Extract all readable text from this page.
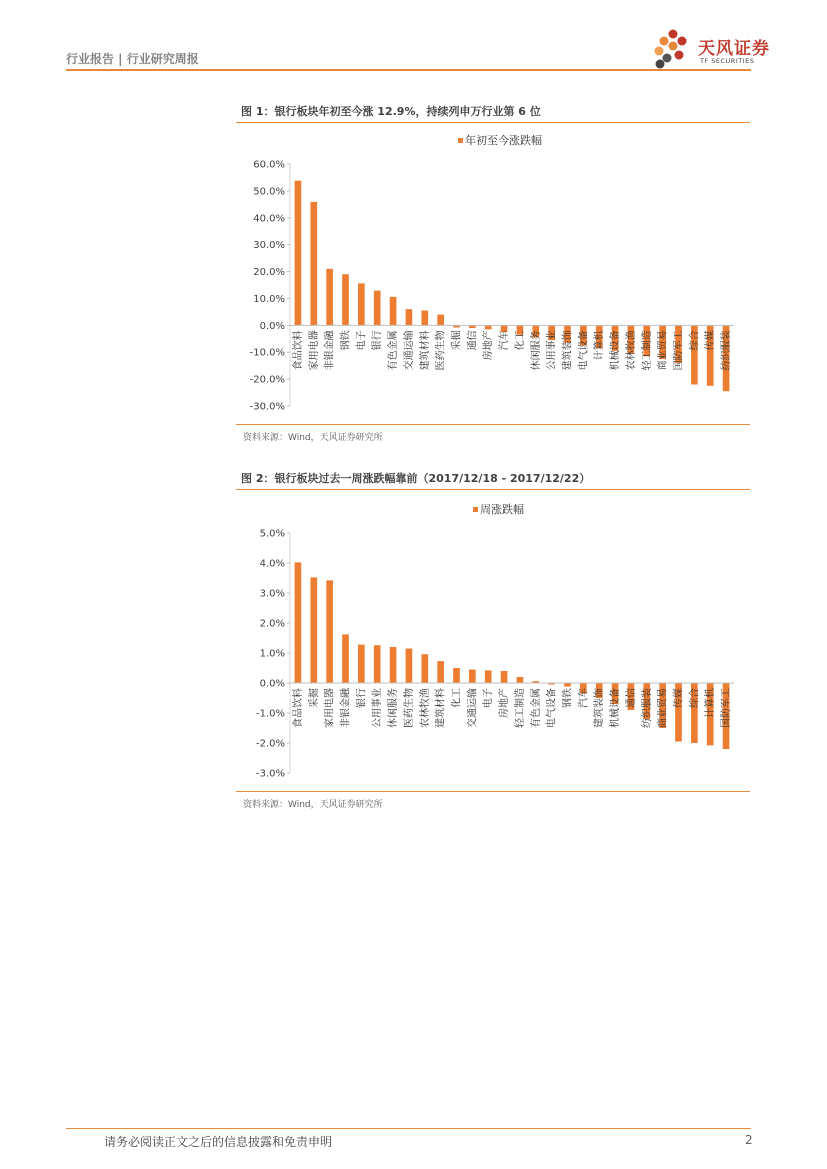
行业报告 | 行业研究周报	天风证券
TF SECURITIES
图 1：银行板块年初至今涨 12.9%，持续列申万行业第 6 位
年初至今涨跌幅
60.0%
50.0%
40.0%
30.0%
20.0%
10.0%
0.0%
-10.0%
-20.0%
-30.0%
食品饮料 家用电器 非银金融 钢铁 电子 银行 有色金属 交通运输 建筑材料 医药生物 采掘 通信 房地产 汽车 化工 休闲服务 公用事业 建筑装饰 电气设备 计算机 机械设备 农林牧渔 轻工制造 商业贸易 国防军工 综合 传媒 纺织服装
资料来源：Wind，天风证券研究所
图 2：银行板块过去一周涨跌幅靠前（2017/12/18 - 2017/12/22）
周涨跌幅
5.0%
4.0%
3.0%
2.0%
1.0%
0.0%
-1.0%
-2.0%
-3.0%
食品饮料 采掘 家用电器 非银金融 银行 公用事业 休闲服务 医药生物 农林牧渔 建筑材料 化工 交通运输 电子 房地产 轻工制造 有色金属 电气设备 钢铁 汽车 建筑装饰 机械设备 通信 纺织服装 商业贸易 传媒 综合 计算机 国防军工
资料来源：Wind，天风证券研究所
请务必阅读正文之后的信息披露和免责申明	2
